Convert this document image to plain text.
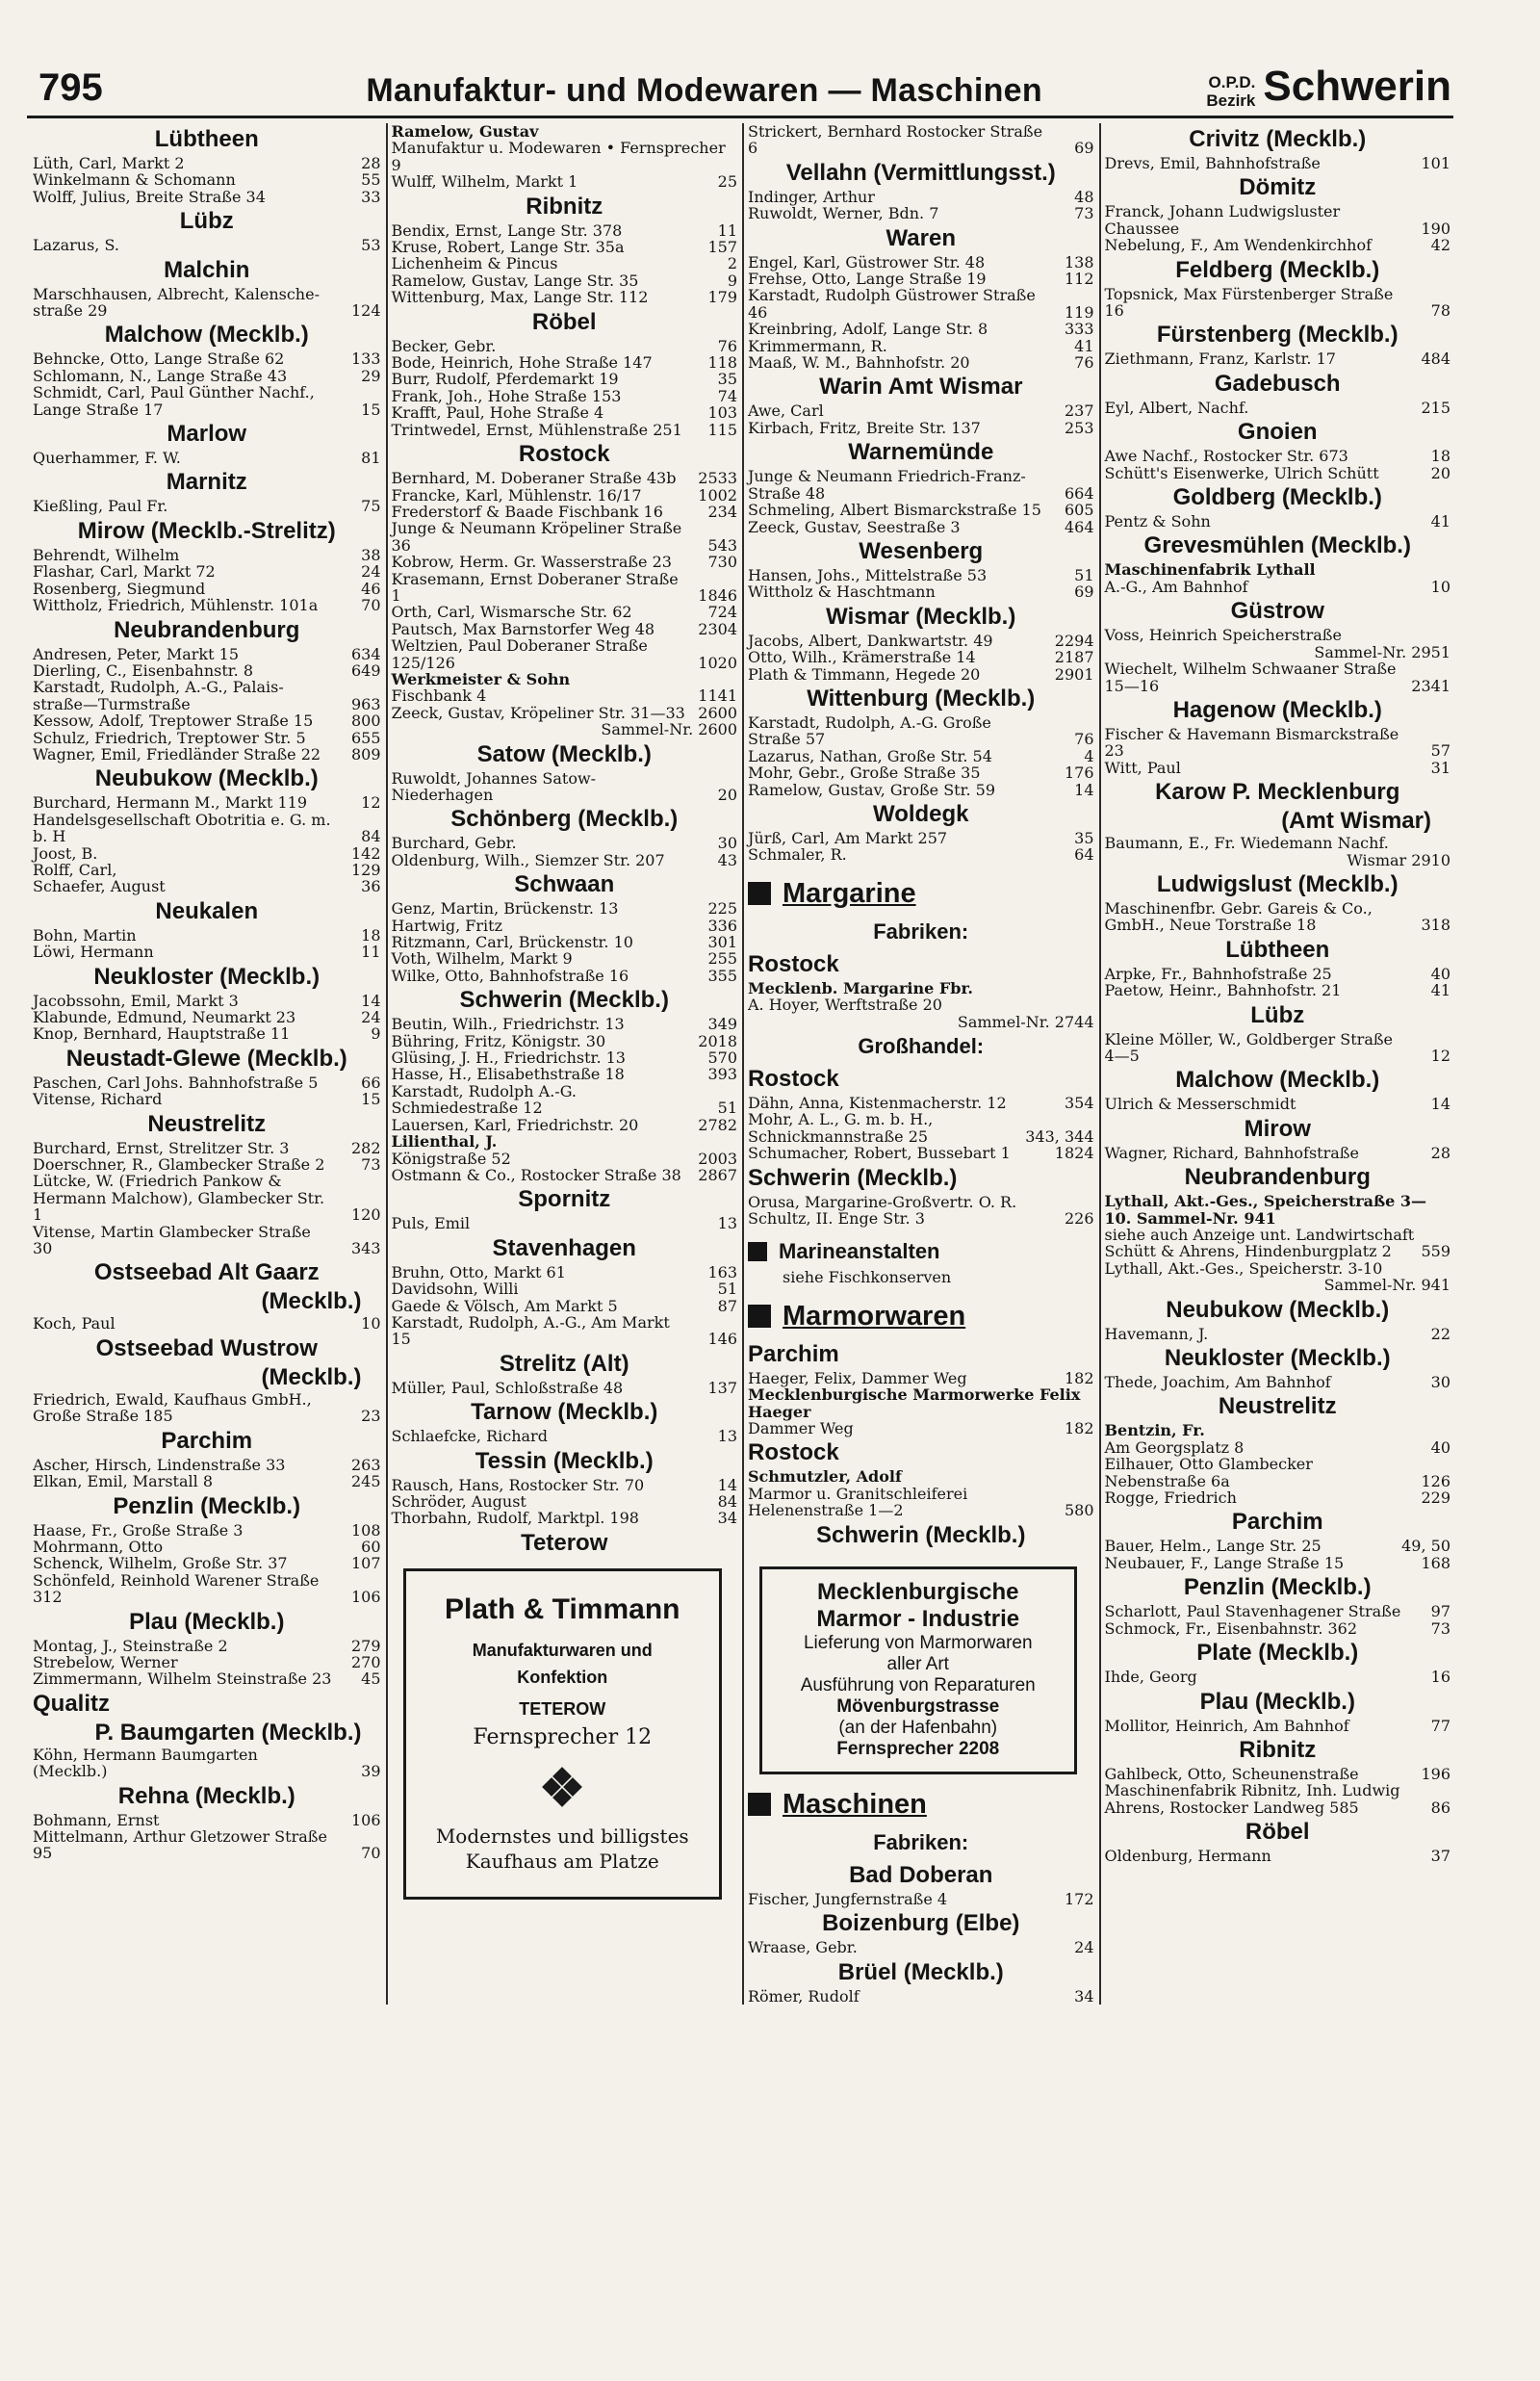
795	Manufaktur- und Modewaren — Maschinen	O.P.D.
Bezirk Schwerin
Lübtheen
Lüth, Carl, Markt 2	28
Winkelmann & Schomann	55
Wolff, Julius, Breite Straße 34	33
Lübz
Lazarus, S.	53
Malchin
Marschhausen, Albrecht, Kalensche-straße 29	124
Malchow (Mecklb.)
Behncke, Otto, Lange Straße 62	133
Schlomann, N., Lange Straße 43	29
Schmidt, Carl, Paul Günther Nachf., Lange Straße 17	15
Marlow
Querhammer, F. W.	81
Marnitz
Kießling, Paul Fr.	75
Mirow (Mecklb.-Strelitz)
Behrendt, Wilhelm	38
Flashar, Carl, Markt 72	24
Rosenberg, Siegmund	46
Wittholz, Friedrich, Mühlenstr. 101a	70
Neubrandenburg
Andresen, Peter, Markt 15	634
Dierling, C., Eisenbahnstr. 8	649
Karstadt, Rudolph, A.-G., Palais-straße—Turmstraße	963
Kessow, Adolf, Treptower Straße 15	800
Schulz, Friedrich, Treptower Str. 5	655
Wagner, Emil, Friedländer Straße 22	809
Neubukow (Mecklb.)
Burchard, Hermann M., Markt 119	12
Handelsgesellschaft Obotritia e. G. m. b. H	84
Joost, B.	142
Rolff, Carl,	129
Schaefer, August	36
Neukalen
Bohn, Martin	18
Löwi, Hermann	11
Neukloster (Mecklb.)
Jacobssohn, Emil, Markt 3	14
Klabunde, Edmund, Neumarkt 23	24
Knop, Bernhard, Hauptstraße 11	9
Neustadt-Glewe (Mecklb.)
Paschen, Carl Johs. Bahnhofstraße 5	66
Vitense, Richard	15
Neustrelitz
Burchard, Ernst, Strelitzer Str. 3	282
Doerschner, R., Glambecker Straße 2	73
Lütcke, W. (Friedrich Pankow & Hermann Malchow), Glambecker Str. 1	120
Vitense, Martin Glambecker Straße 30	343
Ostseebad Alt Gaarz
(Mecklb.)
Koch, Paul	10
Ostseebad Wustrow
(Mecklb.)
Friedrich, Ewald, Kaufhaus GmbH., Große Straße 185	23
Parchim
Ascher, Hirsch, Lindenstraße 33	263
Elkan, Emil, Marstall 8	245
Penzlin (Mecklb.)
Haase, Fr., Große Straße 3	108
Mohrmann, Otto	60
Schenck, Wilhelm, Große Str. 37	107
Schönfeld, Reinhold Warener Straße 312	106
Plau (Mecklb.)
Montag, J., Steinstraße 2	279
Strebelow, Werner	270
Zimmermann, Wilhelm Steinstraße 23	45
Qualitz
P. Baumgarten (Mecklb.)
Köhn, Hermann Baumgarten (Mecklb.)	39
Rehna (Mecklb.)
Bohmann, Ernst	106
Mittelmann, Arthur Gletzower Straße 95	70
Ramelow, Gustav
Manufaktur u. Modewaren • Fernsprecher 9
Wulff, Wilhelm, Markt 1	25
Ribnitz
Bendix, Ernst, Lange Str. 378	11
Kruse, Robert, Lange Str. 35a	157
Lichenheim & Pincus	2
Ramelow, Gustav, Lange Str. 35	9
Wittenburg, Max, Lange Str. 112	179
Röbel
Becker, Gebr.	76
Bode, Heinrich, Hohe Straße 147	118
Burr, Rudolf, Pferdemarkt 19	35
Frank, Joh., Hohe Straße 153	74
Krafft, Paul, Hohe Straße 4	103
Trintwedel, Ernst, Mühlenstraße 251	115
Rostock
Bernhard, M. Doberaner Straße 43b	2533
Francke, Karl, Mühlenstr. 16/17	1002
Frederstorf & Baade Fischbank 16	234
Junge & Neumann Kröpeliner Straße 36	543
Kobrow, Herm. Gr. Wasserstraße 23	730
Krasemann, Ernst Doberaner Straße 1	1846
Orth, Carl, Wismarsche Str. 62	724
Pautsch, Max Barnstorfer Weg 48	2304
Weltzien, Paul Doberaner Straße 125/126	1020
Werkmeister & Sohn
Fischbank 4	1141
Zeeck, Gustav, Kröpeliner Str. 31—33 2600
Sammel-Nr. 2600
Satow (Mecklb.)
Ruwoldt, Johannes Satow-Niederhagen	20
Schönberg (Mecklb.)
Burchard, Gebr.	30
Oldenburg, Wilh., Siemzer Str. 207	43
Schwaan
Genz, Martin, Brückenstr. 13	225
Hartwig, Fritz	336
Ritzmann, Carl, Brückenstr. 10	301
Voth, Wilhelm, Markt 9	255
Wilke, Otto, Bahnhofstraße 16	355
Schwerin (Mecklb.)
Beutin, Wilh., Friedrichstr. 13	349
Bühring, Fritz, Königstr. 30	2018
Glüsing, J. H., Friedrichstr. 13	570
Hasse, H., Elisabethstraße 18	393
Karstadt, Rudolph A.-G. Schmiedestraße 12	51
Lauersen, Karl, Friedrichstr. 20	2782
Lilienthal, J.
Königstraße 52	2003
Ostmann & Co., Rostocker Straße 38	2867
Spornitz
Puls, Emil	13
Stavenhagen
Bruhn, Otto, Markt 61	163
Davidsohn, Willi	51
Gaede & Völsch, Am Markt 5	87
Karstadt, Rudolph, A.-G., Am Markt 15	146
Strelitz (Alt)
Müller, Paul, Schloßstraße 48	137
Tarnow (Mecklb.)
Schlaefcke, Richard	13
Tessin (Mecklb.)
Rausch, Hans, Rostocker Str. 70	14
Schröder, August	84
Thorbahn, Rudolf, Marktpl. 198	34
Teterow
Plath & Timmann
Manufakturwaren und
Konfektion
TETEROW
Fernsprecher 12
Modernstes und billigstes
Kaufhaus am Platze
Strickert, Bernhard Rostocker Straße 6	69
Vellahn (Vermittlungsst.)
Indinger, Arthur	48
Ruwoldt, Werner, Bdn. 7	73
Waren
Engel, Karl, Güstrower Str. 48	138
Frehse, Otto, Lange Straße 19	112
Karstadt, Rudolph Güstrower Straße 46	119
Kreinbring, Adolf, Lange Str. 8	333
Krimmermann, R.	41
Maaß, W. M., Bahnhofstr. 20	76
Warin Amt Wismar
Awe, Carl	237
Kirbach, Fritz, Breite Str. 137	253
Warnemünde
Junge & Neumann Friedrich-Franz-Straße 48	664
Schmeling, Albert Bismarckstraße 15	605
Zeeck, Gustav, Seestraße 3	464
Wesenberg
Hansen, Johs., Mittelstraße 53	51
Wittholz & Haschtmann	69
Wismar (Mecklb.)
Jacobs, Albert, Dankwartstr. 49	2294
Otto, Wilh., Krämerstraße 14	2187
Plath & Timmann, Hegede 20	2901
Wittenburg (Mecklb.)
Karstadt, Rudolph, A.-G. Große Straße 57	76
Lazarus, Nathan, Große Str. 54	4
Mohr, Gebr., Große Straße 35	176
Ramelow, Gustav, Große Str. 59	14
Woldegk
Jürß, Carl, Am Markt 257	35
Schmaler, R.	64
Margarine
Fabriken:
Rostock
Mecklenb. Margarine Fbr.
A. Hoyer, Werftstraße 20
Sammel-Nr. 2744
Großhandel:
Rostock
Dähn, Anna, Kistenmacherstr. 12	354
Mohr, A. L., G. m. b. H., Schnickmannstraße 25	343, 344
Schumacher, Robert, Bussebart 1	1824
Schwerin (Mecklb.)
Orusa, Margarine-Großvertr. O. R. Schultz, II. Enge Str. 3	226
Marineanstalten
siehe Fischkonserven
Marmorwaren
Parchim
Haeger, Felix, Dammer Weg	182
Mecklenburgische Marmorwerke Felix Haeger
Dammer Weg	182
Rostock
Schmutzler, Adolf
Marmor u. Granitschleiferei Helenenstraße 1—2	580
Schwerin (Mecklb.)
Mecklenburgische
Marmor - Industrie
Lieferung von Marmorwaren
aller Art
Ausführung von Reparaturen
Mövenburgstrasse
(an der Hafenbahn)
Fernsprecher 2208
Maschinen
Fabriken:
Bad Doberan
Fischer, Jungfernstraße 4	172
Boizenburg (Elbe)
Wraase, Gebr.	24
Brüel (Mecklb.)
Römer, Rudolf	34
Crivitz (Mecklb.)
Drevs, Emil, Bahnhofstraße	101
Dömitz
Franck, Johann Ludwigsluster Chaussee	190
Nebelung, F., Am Wendenkirchhof	42
Feldberg (Mecklb.)
Topsnick, Max Fürstenberger Straße 16	78
Fürstenberg (Mecklb.)
Ziethmann, Franz, Karlstr. 17	484
Gadebusch
Eyl, Albert, Nachf.	215
Gnoien
Awe Nachf., Rostocker Str. 673	18
Schütt's Eisenwerke, Ulrich Schütt	20
Goldberg (Mecklb.)
Pentz & Sohn	41
Grevesmühlen (Mecklb.)
Maschinenfabrik Lythall
A.-G., Am Bahnhof	10
Güstrow
Voss, Heinrich Speicherstraße
Sammel-Nr. 2951
Wiechelt, Wilhelm Schwaaner Straße 15—16	2341
Hagenow (Mecklb.)
Fischer & Havemann Bismarckstraße 23	57
Witt, Paul	31
Karow P. Mecklenburg
(Amt Wismar)
Baumann, E., Fr. Wiedemann Nachf.
Wismar 2910
Ludwigslust (Mecklb.)
Maschinenfbr. Gebr. Gareis & Co., GmbH., Neue Torstraße 18	318
Lübtheen
Arpke, Fr., Bahnhofstraße 25	40
Paetow, Heinr., Bahnhofstr. 21	41
Lübz
Kleine Möller, W., Goldberger Straße 4—5	12
Malchow (Mecklb.)
Ulrich & Messerschmidt	14
Mirow
Wagner, Richard, Bahnhofstraße	28
Neubrandenburg
Lythall, Akt.-Ges., Speicherstraße 3—10. Sammel-Nr. 941
siehe auch Anzeige unt. Landwirtschaft
Schütt & Ahrens, Hindenburgplatz 2	559
Lythall, Akt.-Ges., Speicherstr. 3-10
Sammel-Nr. 941
Neubukow (Mecklb.)
Havemann, J.	22
Neukloster (Mecklb.)
Thede, Joachim, Am Bahnhof	30
Neustrelitz
Bentzin, Fr.
Am Georgsplatz 8	40
Eilhauer, Otto Glambecker Nebenstraße 6a	126
Rogge, Friedrich	229
Parchim
Bauer, Helm., Lange Str. 25	49, 50
Neubauer, F., Lange Straße 15	168
Penzlin (Mecklb.)
Scharlott, Paul Stavenhagener Straße	97
Schmock, Fr., Eisenbahnstr. 362	73
Plate (Mecklb.)
Ihde, Georg	16
Plau (Mecklb.)
Mollitor, Heinrich, Am Bahnhof	77
Ribnitz
Gahlbeck, Otto, Scheunenstraße	196
Maschinenfabrik Ribnitz, Inh. Ludwig Ahrens, Rostocker Landweg 585	86
Röbel
Oldenburg, Hermann	37
